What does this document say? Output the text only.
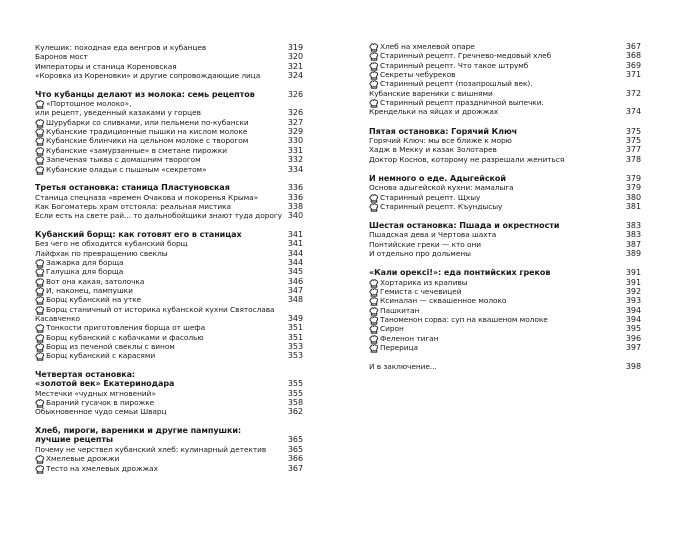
Кулешик: походная еда венгров и кубанцев	319
Баронов мост	320
Императоры и станица Кореновская	321
«Коровка из Кореновки» и другие сопровождающие лица	324
Что кубанцы делают из молока: семь рецептов	326
«Портошное молоко»,
или рецепт, уведенный казаками у горцев	326
Шурубарки со сливками, или пельмени по-кубански	327
Кубанские традиционные пышки на кислом молоке	329
Кубанские блинчики на цельном молоке с творогом	330
Кубанские «замурзанные» в сметане пирожки	331
Запеченая тыква с домашним творогом	332
Кубанские оладьи с пышным «секретом»	334
Третья остановка: станица Пластуновская	336
Станица спецназа «времен Очакова и покоренья Крыма»	336
Как Богоматерь храм отстояла: реальная мистика	338
Если есть на свете рай... то дальнобойщики знают туда дорогу 340
Кубанский борщ: как готовят его в станицах	341
Без чего не обходится кубанский борщ	341
Лайфхак по превращению свеклы	344
Зажарка для борща	344
Галушка для борща	345
Вот она какая, затолочка	346
И, наконец, пампушки	347
Борщ кубанский на утке	348
Борщ станичный от историка кубанской кухни Святослава
Касавченко	349
Тонкости приготовления борща от шефа	351
Борщ кубанский с кабачками и фасолью	351
Борщ из печеной свеклы с вином	353
Борщ кубанский с карасями	353
Четвертая остановка:
«золотой век» Екатеринодара	355
Местечки «чудных мгновений»	355
Бараний гусачок в пирожке	358
Обыкновенное чудо семьи Шварц	362
Хлеб, пироги, вареники и другие пампушки:
лучшие рецепты	365
Почему не черствел кубанский хлеб: кулинарный детектив	365
Хмелевые дрожжи	366
Тесто на хмелевых дрожжах	367
Хлеб на хмелевой опаре	367
Старинный рецепт. Гречнево-медовый хлеб	368
Старинный рецепт. Что такое штрумб	369
Секреты чебуреков	371
Старинный рецепт (позапрошлый век).
Кубанские вареники с вишнями	372
Старинный рецепт праздничной выпечки.
Крендельки на яйцах и дрожжах	374
Пятая остановка: Горячий Ключ	375
Горячий Ключ: мы все ближе к морю	375
Хадж в Мекку и казак Золотарев	377
Доктор Коснов, которому не разрешали жениться	378
И немного о еде. Адыгейской	379
Основа адыгейской кухни: мамалыга	379
Старинный рецепт. Щхыу	380
Старинный рецепт. Къундысыу	381
Шестая остановка: Пшада и окрестности	383
Пшадская дева и Чертова шахта	383
Понтийские греки — кто они	387
И отдельно про дольмены	389
«Кали орексі!»: еда понтийских греков	391
Хортарика из крапивы	391
Гемиста с чечевицей	392
Ксиналан — сквашенное молоко	393
Пашкитан	394
Таноменон сорва: суп на квашеном молоке	394
Сирон	395
Феленон тиган	396
Перерица	397
И в заключение...	398
